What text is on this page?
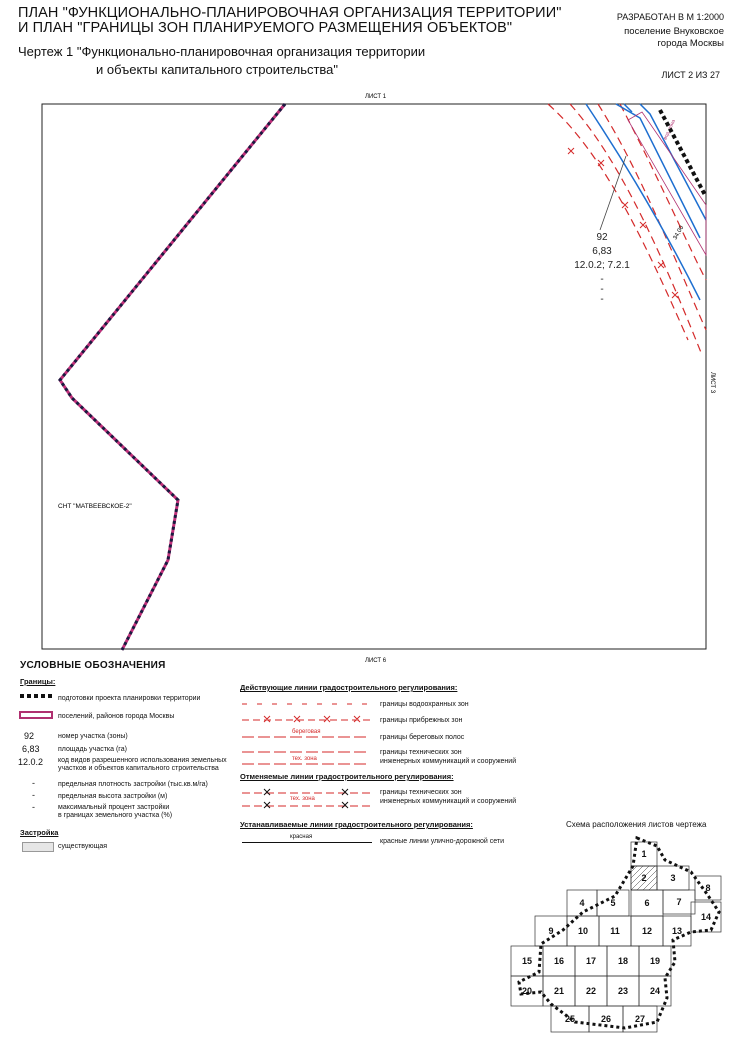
ПЛАН "ФУНКЦИОНАЛЬНО-ПЛАНИРОВОЧНАЯ ОРГАНИЗАЦИЯ ТЕРРИТОРИИ"
И ПЛАН "ГРАНИЦЫ ЗОН ПЛАНИРУЕМОГО РАЗМЕЩЕНИЯ ОБЪЕКТОВ"
Чертеж 1 "Функционально-планировочная организация территории
и объекты капитального строительства"
РАЗРАБОТАН В М 1:2000
поселение Внуковское
города Москвы
ЛИСТ 2 ИЗ 27
ЛИСТ 1
ЛИСТ 6
ЛИСТ 3
СНТ "МАТВЕЕВСКОЕ-2"
34,00
вод. зона
92
6,83
12.0.2; 7.2.1
-
-
-
УСЛОВНЫЕ ОБОЗНАЧЕНИЯ
Границы:
подготовки проекта планировки территории
поселений, районов города Москвы
92	номер участка (зоны)
6,83	площадь участка (га)
12.0.2 код видов разрешенного использования земельных
участков и объектов капитального строительства
-	предельная плотность застройки (тыс.кв.м/га)
-	предельная высота застройки (м)
-	максимальный процент застройки
в границах земельного участка (%)
Застройка
существующая
Действующие линии градостроительного регулирования:
границы водоохранных зон
границы прибрежных зон
береговая
границы береговых полос
границы технических зон
тех. зона	инженерных коммуникаций и сооружений
Отменяемые линии градостроительного регулирования:
границы технических зон
тех. зона	инженерных коммуникаций и сооружений
Устанавливаемые линии градостроительного регулирования:
красная
красные линии улично-дорожной сети
Схема расположения листов чертежа
1
2	3
4	5	6	7
8
9	10 11 12 13
14
15 16 17 18 19
20 21 22 23 24
25	26	27
